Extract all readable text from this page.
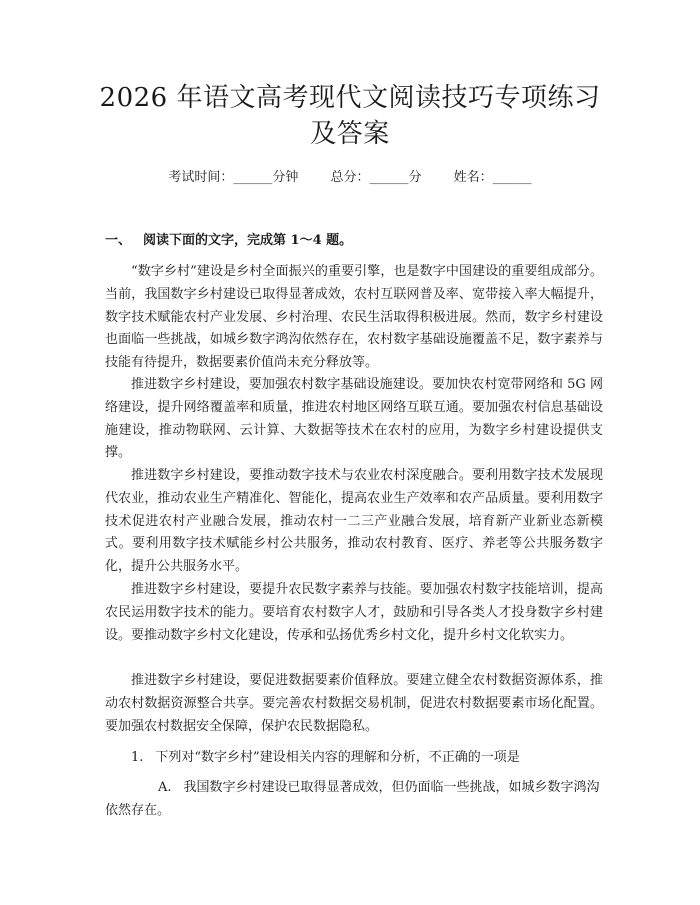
2026 年语文高考现代文阅读技巧专项练习及答案
考试时间：______分钟 总分：______分 姓名：______
一、 阅读下面的文字，完成第 1～4 题。

“数字乡村”建设是乡村全面振兴的重要引擎，也是数字中国建设的重要组成部分。当前，我国数字乡村建设已取得显著成效，农村互联网普及率、宽带接入率大幅提升，数字技术赋能农村产业发展、乡村治理、农民生活取得积极进展。然而，数字乡村建设也面临一些挑战，如城乡数字鸿沟依然存在，农村数字基础设施覆盖不足，数字素养与技能有待提升，数据要素价值尚未充分释放等。

推进数字乡村建设，要加强农村数字基础设施建设。要加快农村宽带网络和 5G 网络建设，提升网络覆盖率和质量，推进农村地区网络互联互通。要加强农村信息基础设施建设，推动物联网、云计算、大数据等技术在农村的应用，为数字乡村建设提供支撑。

推进数字乡村建设，要推动数字技术与农业农村深度融合。要利用数字技术发展现代农业，推动农业生产精准化、智能化，提高农业生产效率和农产品质量。要利用数字技术促进农村产业融合发展，推动农村一二三产业融合发展，培育新产业新业态新模式。要利用数字技术赋能乡村公共服务，推动农村教育、医疗、养老等公共服务数字化，提升公共服务水平。

推进数字乡村建设，要提升农民数字素养与技能。要加强农村数字技能培训，提高农民运用数字技术的能力。要培育农村数字人才，鼓励和引导各类人才投身数字乡村建设。要推动数字乡村文化建设，传承和弘扬优秀乡村文化，提升乡村文化软实力。

推进数字乡村建设，要促进数据要素价值释放。要建立健全农村数据资源体系，推动农村数据资源整合共享。要完善农村数据交易机制，促进农村数据要素市场化配置。要加强农村数据安全保障，保护农民数据隐私。

1. 下列对“数字乡村”建设相关内容的理解和分析，不正确的一项是

A. 我国数字乡村建设已取得显著成效，但仍面临一些挑战，如城乡数字鸿沟依然存在。
